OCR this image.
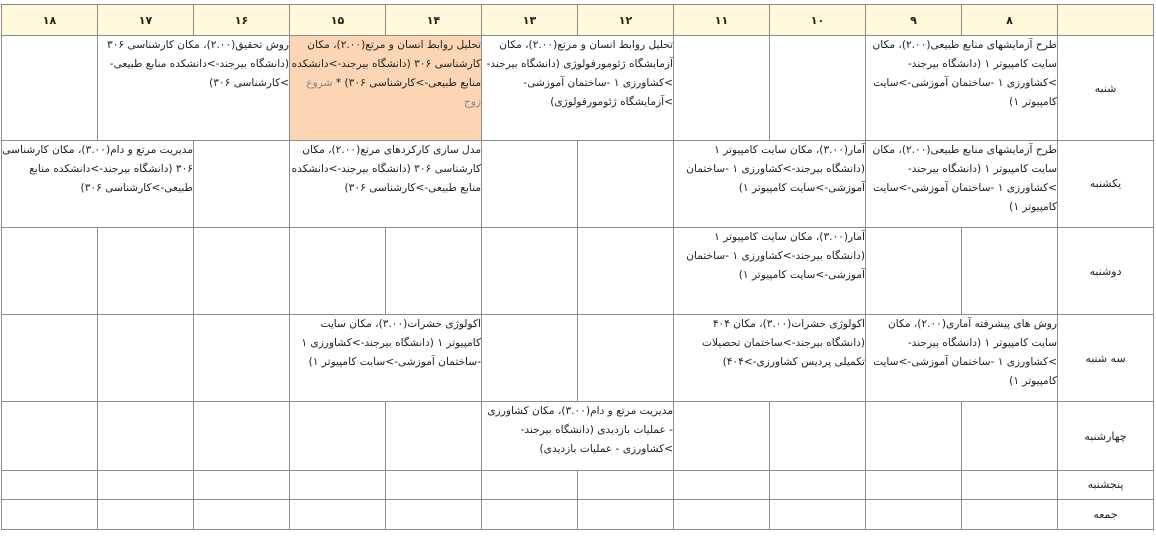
	۸	۹	۱۰	۱۱	۱۲	۱۳	۱۴	۱۵	۱۶	۱۷	۱۸
شنبه	طرح آزمایشهای منابع طبیعی(۲.۰۰)، مکان سایت کامپیوتر ۱ (دانشگاه بیرجند->کشاورزی ۱ -ساختمان آموزشی->سایت کامپیوتر ۱)				تحلیل روابط انسان و مرتع(۲.۰۰)، مکان آزمایشگاه ژئومورفولوژی (دانشگاه بیرجند->کشاورزی ۱ -ساختمان آموزشی->آزمایشگاه ژئومورفولوژی)		تحلیل روابط انسان و مرتع(۲.۰۰)، مکان کارشناسی ۳۰۶ (دانشگاه بیرجند->دانشکده منابع طبیعی->کارشناسی ۳۰۶) * شروع زوج		روش تحقیق(۲.۰۰)، مکان کارشناسی ۳۰۶ (دانشگاه بیرجند->دانشکده منابع طبیعی->کارشناسی ۳۰۶)		
یکشنبه	طرح آزمایشهای منابع طبیعی(۲.۰۰)، مکان سایت کامپیوتر ۱ (دانشگاه بیرجند->کشاورزی ۱ -ساختمان آموزشی->سایت کامپیوتر ۱)		آمار(۳.۰۰)، مکان سایت کامپیوتر ۱ (دانشگاه بیرجند->کشاورزی ۱ -ساختمان آموزشی->سایت کامپیوتر ۱)				مدل سازی کارکردهای مرتع(۲.۰۰)، مکان کارشناسی ۳۰۶ (دانشگاه بیرجند->دانشکده منابع طبیعی->کارشناسی ۳۰۶)			مدیریت مرتع و دام(۳.۰۰)، مکان کارشناسی ۳۰۶ (دانشگاه بیرجند->دانشکده منابع طبیعی->کارشناسی ۳۰۶)	
دوشنبه			آمار(۳.۰۰)، مکان سایت کامپیوتر ۱ (دانشگاه بیرجند->کشاورزی ۱ -ساختمان آموزشی->سایت کامپیوتر ۱)								
سه شنبه	روش های پیشرفته آماری(۲.۰۰)، مکان سایت کامپیوتر ۱ (دانشگاه بیرجند->کشاورزی ۱ -ساختمان آموزشی->سایت کامپیوتر ۱)		اکولوژی حشرات(۳.۰۰)، مکان ۴۰۴ (دانشگاه بیرجند->ساختمان تحصیلات تکمیلی پردیس کشاورزی->۴۰۴)				اکولوژی حشرات(۳.۰۰)، مکان سایت کامپیوتر ۱ (دانشگاه بیرجند->کشاورزی ۱ -ساختمان آموزشی->سایت کامپیوتر ۱)				
چهارشنبه					مدیریت مرتع و دام(۳.۰۰)، مکان کشاورزی - عملیات بازدیدی (دانشگاه بیرجند->کشاورزی - عملیات بازدیدی)						
پنجشنبه											
جمعه											
